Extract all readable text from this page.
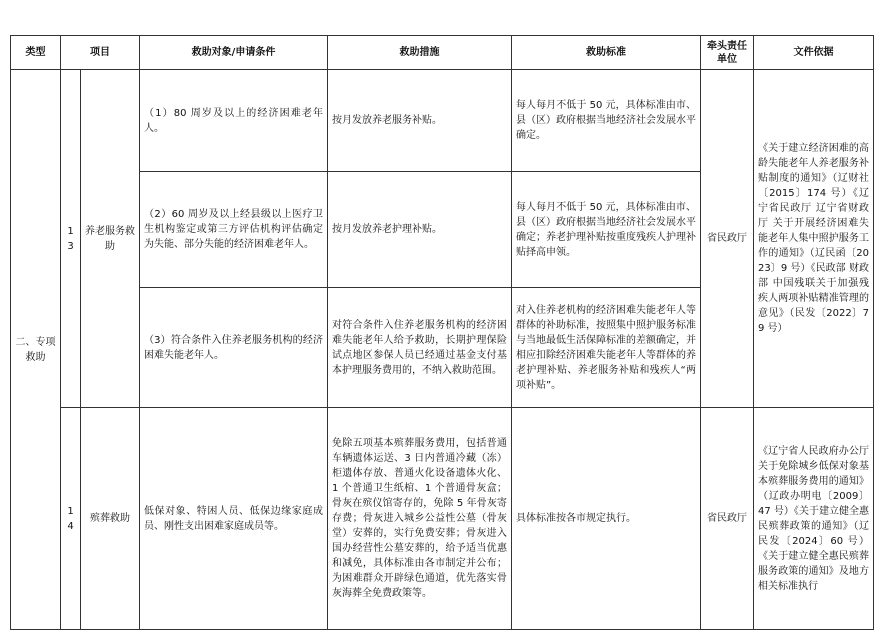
类型	项目		救助对象/申请条件	救助措施	救助标准	牵头责任单位	文件依据
二、专项救助	13	养老服务救助	（1）80 周岁及以上的经济困难老年人。	按月发放养老服务补贴。	每人每月不低于 50 元，具体标准由市、县（区）政府根据当地经济社会发展水平确定。	省民政厅	《关于建立经济困难的高龄失能老年人养老服务补贴制度的通知》（辽财社〔2015〕174 号）《辽宁省民政厅 辽宁省财政厅 关于开展经济困难失能老年人集中照护服务工作的通知》（辽民函〔2023〕9 号）《民政部 财政部 中国残联关于加强残疾人两项补贴精准管理的意见》（民发〔2022〕79 号）
			（2）60 周岁及以上经县级以上医疗卫生机构鉴定或第三方评估机构评估确定为失能、部分失能的经济困难老年人。	按月发放养老护理补贴。	每人每月不低于 50 元，具体标准由市、县（区）政府根据当地经济社会发展水平确定；养老护理补贴按重度残疾人护理补贴择高申领。		
			（3）符合条件入住养老服务机构的经济困难失能老年人。	对符合条件入住养老服务机构的经济困难失能老年人给予救助，长期护理保险试点地区参保人员已经通过基金支付基本护理服务费用的，不纳入救助范围。	对入住养老机构的经济困难失能老年人等群体的补助标准，按照集中照护服务标准与当地最低生活保障标准的差额确定，并相应扣除经济困难失能老年人等群体的养老护理补贴、养老服务补贴和残疾人“两项补贴”。		
	14	殡葬救助	低保对象、特困人员、低保边缘家庭成员、刚性支出困难家庭成员等。	免除五项基本殡葬服务费用，包括普通车辆遗体运送、3 日内普通冷藏（冻）柜遗体存放、普通火化设备遗体火化、1 个普通卫生纸棺、1 个普通骨灰盒；骨灰在殡仪馆寄存的，免除 5 年骨灰寄存费；骨灰进入城乡公益性公墓（骨灰堂）安葬的，实行免费安葬；骨灰进入国办经营性公墓安葬的，给予适当优惠和减免，具体标准由各市制定并公布；为困难群众开辟绿色通道，优先落实骨灰海葬全免费政策等。	具体标准按各市规定执行。	省民政厅	《辽宁省人民政府办公厅关于免除城乡低保对象基本殡葬服务费用的通知》（辽政办明电〔2009〕47 号）《关于建立健全惠民殡葬政策的通知》（辽民发〔2024〕60 号）《关于建立健全惠民殡葬服务政策的通知》及地方相关标准执行
